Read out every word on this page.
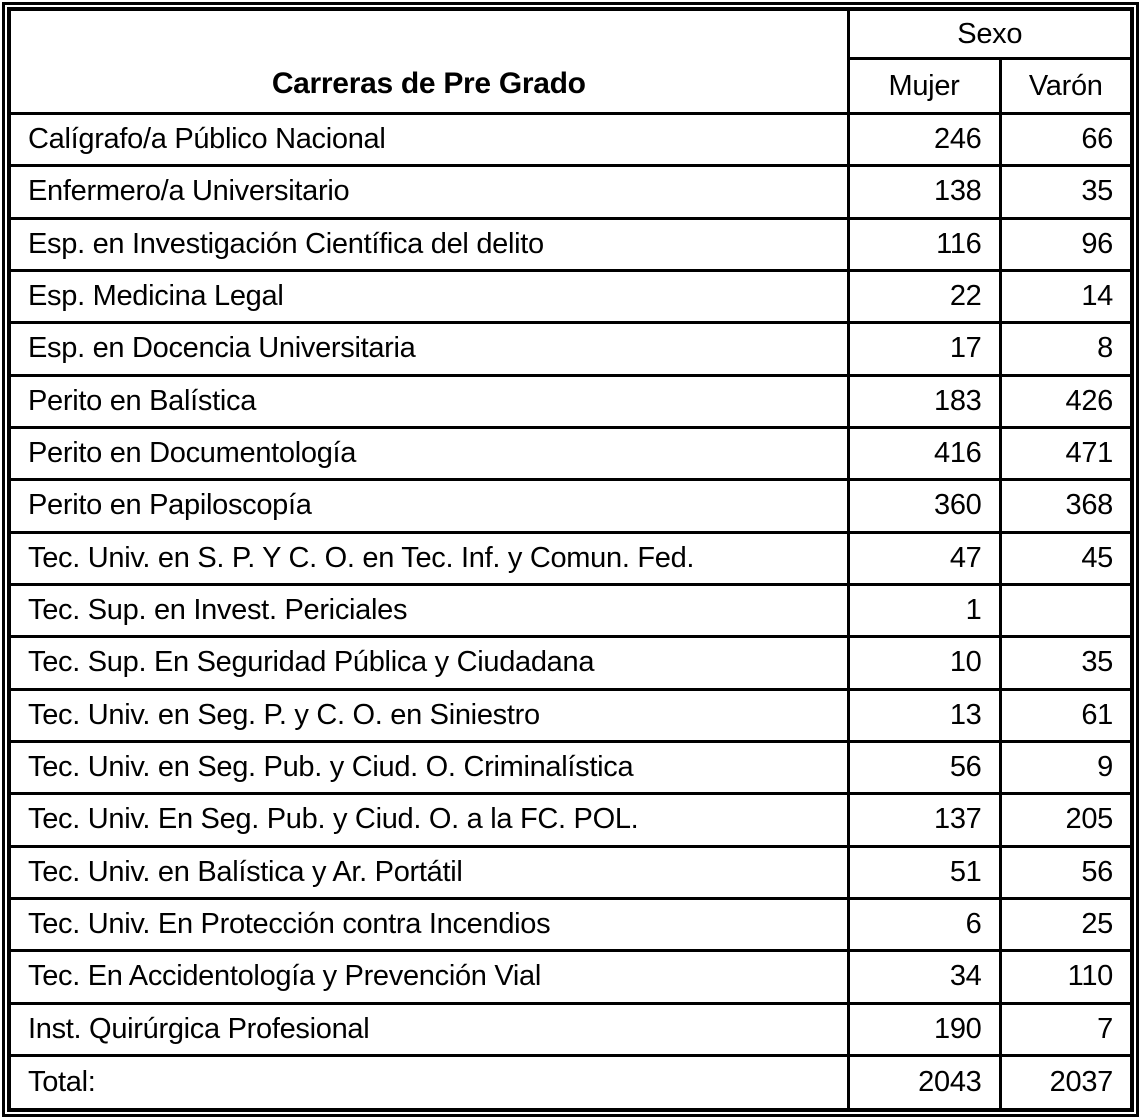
Carreras de Pre Grado	Sexo	
	Mujer	Varón
Calígrafo/a Público Nacional	246	66
Enfermero/a Universitario	138	35
Esp. en Investigación Científica del delito	116	96
Esp. Medicina Legal	22	14
Esp. en Docencia Universitaria	17	8
Perito en Balística	183	426
Perito en Documentología	416	471
Perito en Papiloscopía	360	368
Tec. Univ. en S. P. Y C. O. en Tec. Inf. y Comun. Fed.	47	45
Tec. Sup. en Invest. Periciales	1	
Tec. Sup. En Seguridad Pública y Ciudadana	10	35
Tec. Univ. en Seg. P. y C. O. en Siniestro	13	61
Tec. Univ. en Seg. Pub. y Ciud. O. Criminalística	56	9
Tec. Univ. En Seg. Pub. y Ciud. O. a la FC. POL.	137	205
Tec. Univ. en Balística y Ar. Portátil	51	56
Tec. Univ. En Protección contra Incendios	6	25
Tec. En Accidentología y Prevención Vial	34	110
Inst. Quirúrgica Profesional	190	7
Total:	2043	2037
